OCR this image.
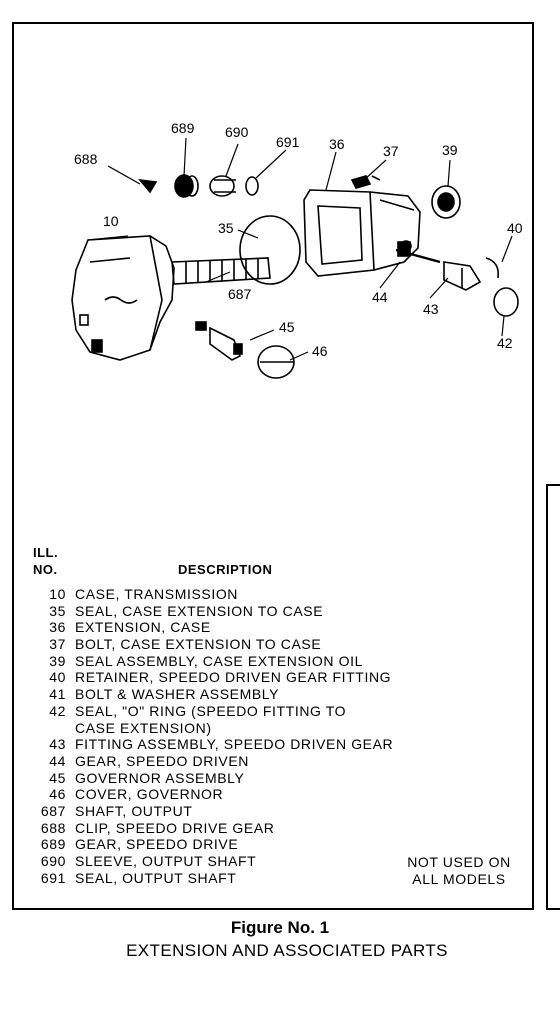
688
689 690
691 36	37	39
40
10	35
687	44
43
42
45
46
ILL.
NO.	DESCRIPTION
10 CASE, TRANSMISSION
35 SEAL, CASE EXTENSION TO CASE
36 EXTENSION, CASE
37 BOLT, CASE EXTENSION TO CASE
39 SEAL ASSEMBLY, CASE EXTENSION OIL
40 RETAINER, SPEEDO DRIVEN GEAR FITTING
41 BOLT & WASHER ASSEMBLY
42 SEAL, "O" RING (SPEEDO FITTING TO
CASE EXTENSION)
43 FITTING ASSEMBLY, SPEEDO DRIVEN GEAR
44 GEAR, SPEEDO DRIVEN
45 GOVERNOR ASSEMBLY
46 COVER, GOVERNOR
687 SHAFT, OUTPUT
688 CLIP, SPEEDO DRIVE GEAR
689 GEAR, SPEEDO DRIVE
690 SLEEVE, OUTPUT SHAFT
691 SEAL, OUTPUT SHAFT
NOT USED ON
ALL MODELS
Figure No. 1
EXTENSION AND ASSOCIATED PARTS
